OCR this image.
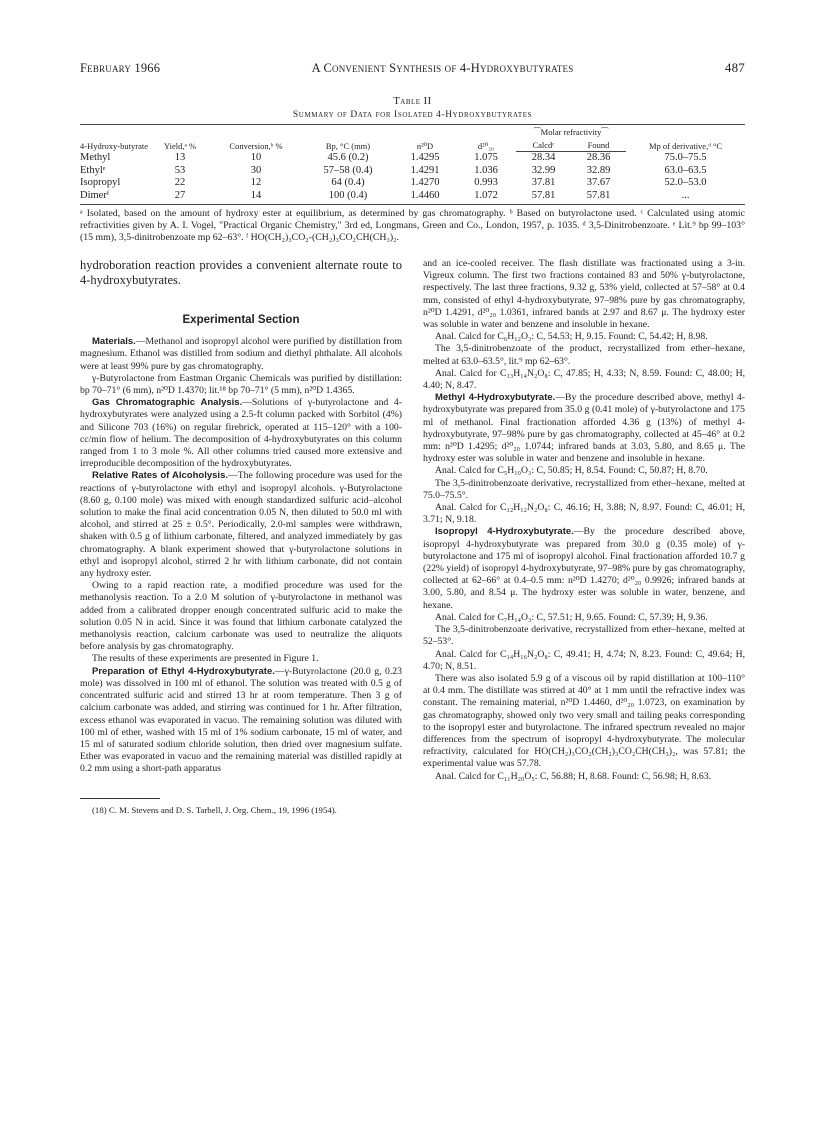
February 1966	A Convenient Synthesis of 4-Hydroxybutyrates	487
Table II
Summary of Data for Isolated 4-Hydroxybutyrates
4-Hydroxy-butyrate	Yield,ᵃ %	Conversion,ᵇ %	Bp, °C (mm)	n²⁰D	d²⁰₂₀	⁀Molar refractivity⁀		Mp of derivative,ᵈ °C
						Calcdᶜ	Found	
Methyl	13	10	45.6 (0.2)	1.4295	1.075	28.34	28.36	75.0–75.5
Ethylᵉ	53	30	57–58 (0.4)	1.4291	1.036	32.99	32.89	63.0–63.5
Isopropyl	22	12	64 (0.4)	1.4270	0.993	37.81	37.67	52.0–53.0
Dimerᶠ	27	14	100 (0.4)	1.4460	1.072	57.81	57.81	...
ᵃ Isolated, based on the amount of hydroxy ester at equilibrium, as determined by gas chromatography. ᵇ Based on butyrolactone used. ᶜ Calculated using atomic refractivities given by A. I. Vogel, "Practical Organic Chemistry," 3rd ed, Longmans, Green and Co., London, 1957, p. 1035. ᵈ 3,5-Dinitrobenzoate. ᵉ Lit.⁹ bp 99–103° (15 mm), 3,5-dinitrobenzoate mp 62–63°. ᶠ HO(CH₂)₃CO₂-(CH₂)₃CO₂CH(CH₃)₂.

hydroboration reaction provides a convenient alternate route to 4-hydroxybutyrates.

Experimental Section

Materials.—Methanol and isopropyl alcohol were purified by distillation from magnesium. Ethanol was distilled from sodium and diethyl phthalate. All alcohols were at least 99% pure by gas chromatography.

γ-Butyrolactone from Eastman Organic Chemicals was purified by distillation: bp 70–71° (6 mm), n²⁰D 1.4370; lit.¹⁸ bp 70–71° (5 mm), n²⁰D 1.4365.

Gas Chromatographic Analysis.—Solutions of γ-butyrolactone and 4-hydroxybutyrates were analyzed using a 2.5-ft column packed with Sorbitol (4%) and Silicone 703 (16%) on regular firebrick, operated at 115–120° with a 100-cc/min flow of helium. The decomposition of 4-hydroxybutyrates on this column ranged from 1 to 3 mole %. All other columns tried caused more extensive and irreproducible decomposition of the hydroxybutyrates.

Relative Rates of Alcoholysis.—The following procedure was used for the reactions of γ-butyrolactone with ethyl and isopropyl alcohols. γ-Butyrolactone (8.60 g, 0.100 mole) was mixed with enough standardized sulfuric acid–alcohol solution to make the final acid concentration 0.05 N, then diluted to 50.0 ml with alcohol, and stirred at 25 ± 0.5°. Periodically, 2.0-ml samples were withdrawn, shaken with 0.5 g of lithium carbonate, filtered, and analyzed immediately by gas chromatography. A blank experiment showed that γ-butyrolactone solutions in ethyl and isopropyl alcohol, stirred 2 hr with lithium carbonate, did not contain any hydroxy ester.

Owing to a rapid reaction rate, a modified procedure was used for the methanolysis reaction. To a 2.0 M solution of γ-butyrolactone in methanol was added from a calibrated dropper enough concentrated sulfuric acid to make the solution 0.05 N in acid. Since it was found that lithium carbonate catalyzed the methanolysis reaction, calcium carbonate was used to neutralize the aliquots before analysis by gas chromatography.

The results of these experiments are presented in Figure 1.

Preparation of Ethyl 4-Hydroxybutyrate.—γ-Butyrolactone (20.0 g, 0.23 mole) was dissolved in 100 ml of ethanol. The solution was treated with 0.5 g of concentrated sulfuric acid and stirred 13 hr at room temperature. Then 3 g of calcium carbonate was added, and stirring was continued for 1 hr. After filtration, excess ethanol was evaporated in vacuo. The remaining solution was diluted with 100 ml of ether, washed with 15 ml of 1% sodium carbonate, 15 ml of water, and 15 ml of saturated sodium chloride solution, then dried over magnesium sulfate. Ether was evaporated in vacuo and the remaining material was distilled rapidly at 0.2 mm using a short-path apparatus

(18) C. M. Stevens and D. S. Tarbell, J. Org. Chem., 19, 1996 (1954).

and an ice-cooled receiver. The flash distillate was fractionated using a 3-in. Vigreux column. The first two fractions contained 83 and 50% γ-butyrolactone, respectively. The last three fractions, 9.32 g, 53% yield, collected at 57–58° at 0.4 mm, consisted of ethyl 4-hydroxybutyrate, 97–98% pure by gas chromatography, n²⁰D 1.4291, d²⁰₂₀ 1.0361, infrared bands at 2.97 and 8.67 μ. The hydroxy ester was soluble in water and benzene and insoluble in hexane.

Anal. Calcd for C₆H₁₂O₃: C, 54.53; H, 9.15. Found: C, 54.42; H, 8.98.

The 3,5-dinitrobenzoate of the product, recrystallized from ether–hexane, melted at 63.0–63.5°, lit.⁹ mp 62–63°.

Anal. Calcd for C₁₃H₁₄N₂O₈: C, 47.85; H, 4.33; N, 8.59. Found: C, 48.00; H, 4.40; N, 8.47.

Methyl 4-Hydroxybutyrate.—By the procedure described above, methyl 4-hydroxybutyrate was prepared from 35.0 g (0.41 mole) of γ-butyrolactone and 175 ml of methanol. Final fractionation afforded 4.36 g (13%) of methyl 4-hydroxybutyrate, 97–98% pure by gas chromatography, collected at 45–46° at 0.2 mm: n²⁰D 1.4295; d²⁰₂₀ 1.0744; infrared bands at 3.03, 5.80, and 8.65 μ. The hydroxy ester was soluble in water and benzene and insoluble in hexane.

Anal. Calcd for C₅H₁₀O₃: C, 50.85; H, 8.54. Found: C, 50.87; H, 8.70.

The 3,5-dinitrobenzoate derivative, recrystallized from ether–hexane, melted at 75.0–75.5°.

Anal. Calcd for C₁₂H₁₂N₂O₈: C, 46.16; H, 3.88; N, 8.97. Found: C, 46.01; H, 3.71; N, 9.18.

Isopropyl 4-Hydroxybutyrate.—By the procedure described above, isopropyl 4-hydroxybutyrate was prepared from 30.0 g (0.35 mole) of γ-butyrolactone and 175 ml of isopropyl alcohol. Final fractionation afforded 10.7 g (22% yield) of isopropyl 4-hydroxybutyrate, 97–98% pure by gas chromatography, collected at 62–66° at 0.4–0.5 mm: n²⁰D 1.4270; d²⁰₂₀ 0.9926; infrared bands at 3.00, 5.80, and 8.54 μ. The hydroxy ester was soluble in water, benzene, and hexane.

Anal. Calcd for C₇H₁₄O₃: C, 57.51; H, 9.65. Found: C, 57.39; H, 9.36.

The 3,5-dinitrobenzoate derivative, recrystallized from ether–hexane, melted at 52–53°.

Anal. Calcd for C₁₄H₁₆N₂O₈: C, 49.41; H, 4.74; N, 8.23. Found: C, 49.64; H, 4.70; N, 8.51.

There was also isolated 5.9 g of a viscous oil by rapid distillation at 100–110° at 0.4 mm. The distillate was stirred at 40° at 1 mm until the refractive index was constant. The remaining material, n²⁰D 1.4460, d²⁰₂₀ 1.0723, on examination by gas chromatography, showed only two very small and tailing peaks corresponding to the isopropyl ester and butyrolactone. The infrared spectrum revealed no major differences from the spectrum of isopropyl 4-hydroxybutyrate. The molecular refractivity, calculated for HO(CH₂)₃CO₂(CH₂)₃CO₂CH(CH₃)₂, was 57.81; the experimental value was 57.78.

Anal. Calcd for C₁₁H₂₀O₅: C, 56.88; H, 8.68. Found: C, 56.98; H, 8.63.
